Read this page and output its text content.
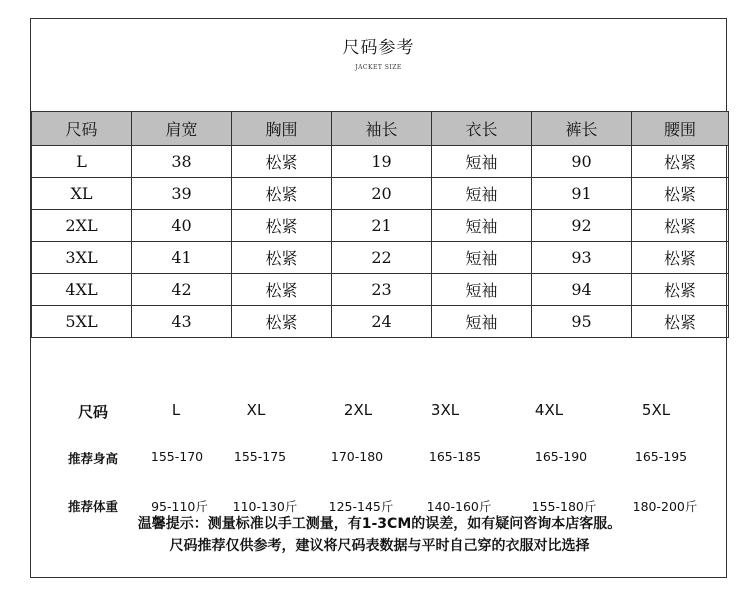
尺码参考
JACKET SIZE
尺码	肩宽	胸围	袖长	衣长	裤长	腰围
L	38	松紧	19	短袖	90	松紧
XL	39	松紧	20	短袖	91	松紧
2XL	40	松紧	21	短袖	92	松紧
3XL	41	松紧	22	短袖	93	松紧
4XL	42	松紧	23	短袖	94	松紧
5XL	43	松紧	24	短袖	95	松紧
尺码	L	XL	2XL	3XL	4XL	5XL
推荐身高	155-170	155-175	170-180	165-185	165-190	165-195
推荐体重	95-110斤	110-130斤	125-145斤	140-160斤	155-180斤	180-200斤
温馨提示：测量标准以手工测量，有1-3CM的误差，如有疑问咨询本店客服。
尺码推荐仅供参考，建议将尺码表数据与平时自己穿的衣服对比选择
